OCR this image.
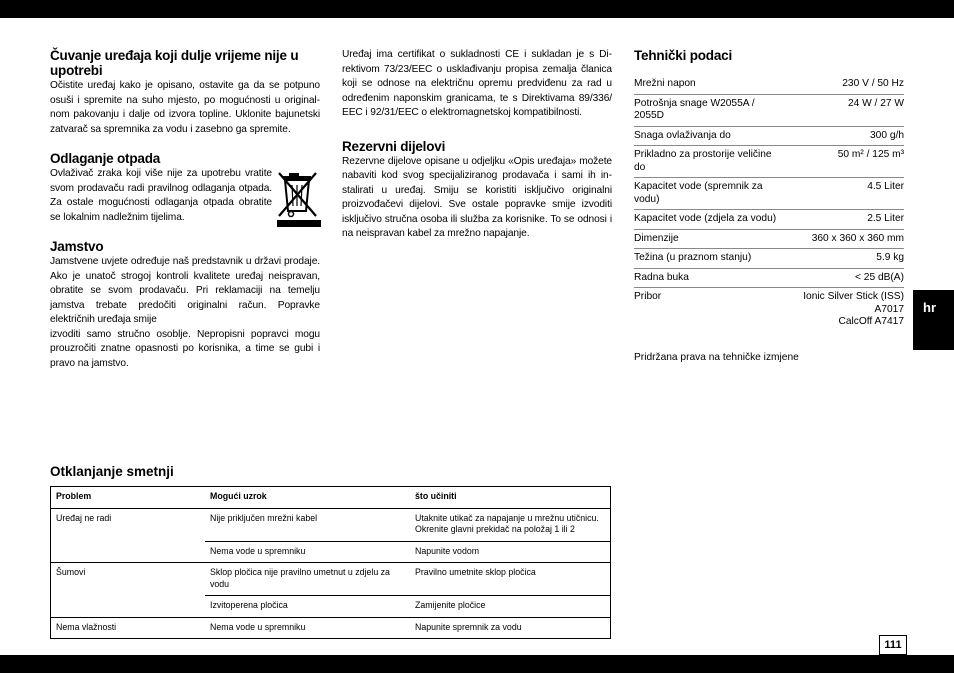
hr
111
Čuvanje uređaja koji dulje vrijeme nije u upotrebi

Očistite uređaj kako je opisano, ostavite ga da se potpuno osuši i spremite na suho mjesto, po mogućnosti u originalnom pakovanju i dalje od izvora topline. Uklonite bajunetski zatvarač sa spremnika za vodu i zasebno ga spremite.

Odlaganje otpada

Ovlaživač zraka koji više nije za upotrebu vratite svom prodavaču radi pravilnog odlaganja otpada. Za ostale mogućnosti odlaganja otpada obratite se lokalnim nadležnim tijelima.

Jamstvo

Jamstvene uvjete određuje naš predstavnik u državi prodaje. Ako je unatoč strogoj kontroli kvalitete uređaj neispravan, obratite se svom prodavaču. Pri reklamaciji na temelju jamstva trebate predočiti originalni račun. Popravke električnih uređaja smije

izvoditi samo stručno osoblje. Nepropisni popravci mogu prouzročiti znatne opasnosti po korisnika, a time se gubi i pravo na jamstvo.

Uređaj ima certifikat o sukladnosti CE i sukladan je s Direktivom 73/23/EEC o usklađivanju propisa zemalja članica koji se odnose na električnu opremu predviđenu za rad u određenim naponskim granicama, te s Direktivama 89/336/ EEC i 92/31/EEC o elektromagnetskoj kompatibilnosti.

Rezervni dijelovi

Rezervne dijelove opisane u odjeljku «Opis uređaja» možete nabaviti kod svog specijaliziranog prodavača i sami ih instalirati u uređaj. Smiju se koristiti isključivo originalni proizvođačevi dijelovi. Sve ostale popravke smije izvoditi isključivo stručna osoba ili služba za korisnike. To se odnosi i na neispravan kabel za mrežno napajanje.

Tehnički podaci
Mrežni napon	230 V / 50 Hz
Potrošnja snage W2055A / 2055D	24 W / 27 W
Snaga ovlaživanja do	300 g/h
Prikladno za prostorije veličine do	50 m² / 125 m³
Kapacitet vode (spremnik za vodu)	4.5 Liter
Kapacitet vode (zdjela za vodu)	2.5 Liter
Dimenzije	360 x 360 x 360 mm
Težina (u praznom stanju)	5.9 kg
Radna buka	< 25 dB(A)
Pribor	Ionic Silver Stick (ISS) A7017
CalcOff A7417
Pridržana prava na tehničke izmjene
Otklanjanje smetnji
Problem	Mogući uzrok	što učiniti
Uređaj ne radi	Nije priključen mrežni kabel	Utaknite utikač za napajanje u mrežnu utičnicu. Okrenite glavni prekidač na položaj 1 ili 2
	Nema vode u spremniku	Napunite vodom
Šumovi	Sklop pločica nije pravilno umetnut u zdjelu za vodu	Pravilno umetnite sklop pločica
	Izvitoperena pločica	Zamijenite pločice
Nema vlažnosti	Nema vode u spremniku	Napunite spremnik za vodu
